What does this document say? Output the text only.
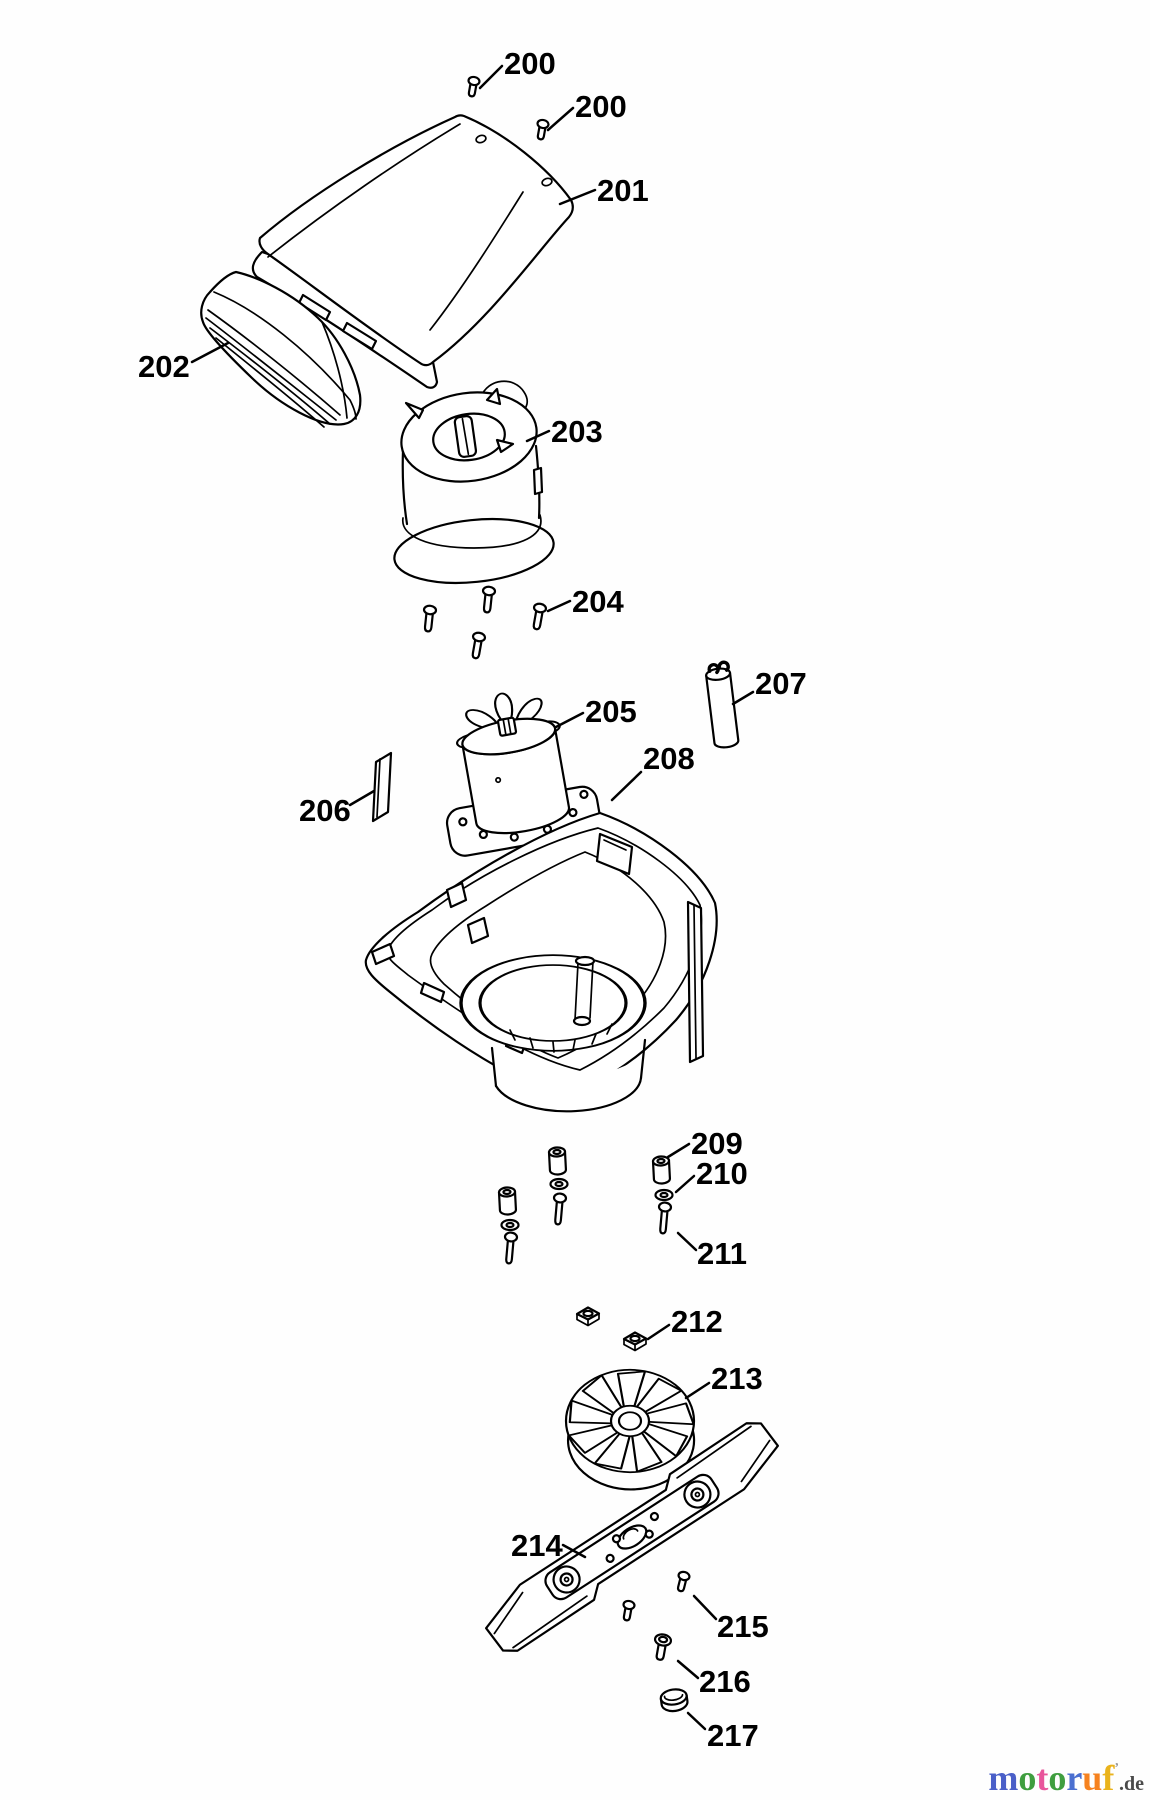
200
200
201
202
203
204
205
206
207
208
209
210
211
212
213
214
215
216
217
motoruf’.de
